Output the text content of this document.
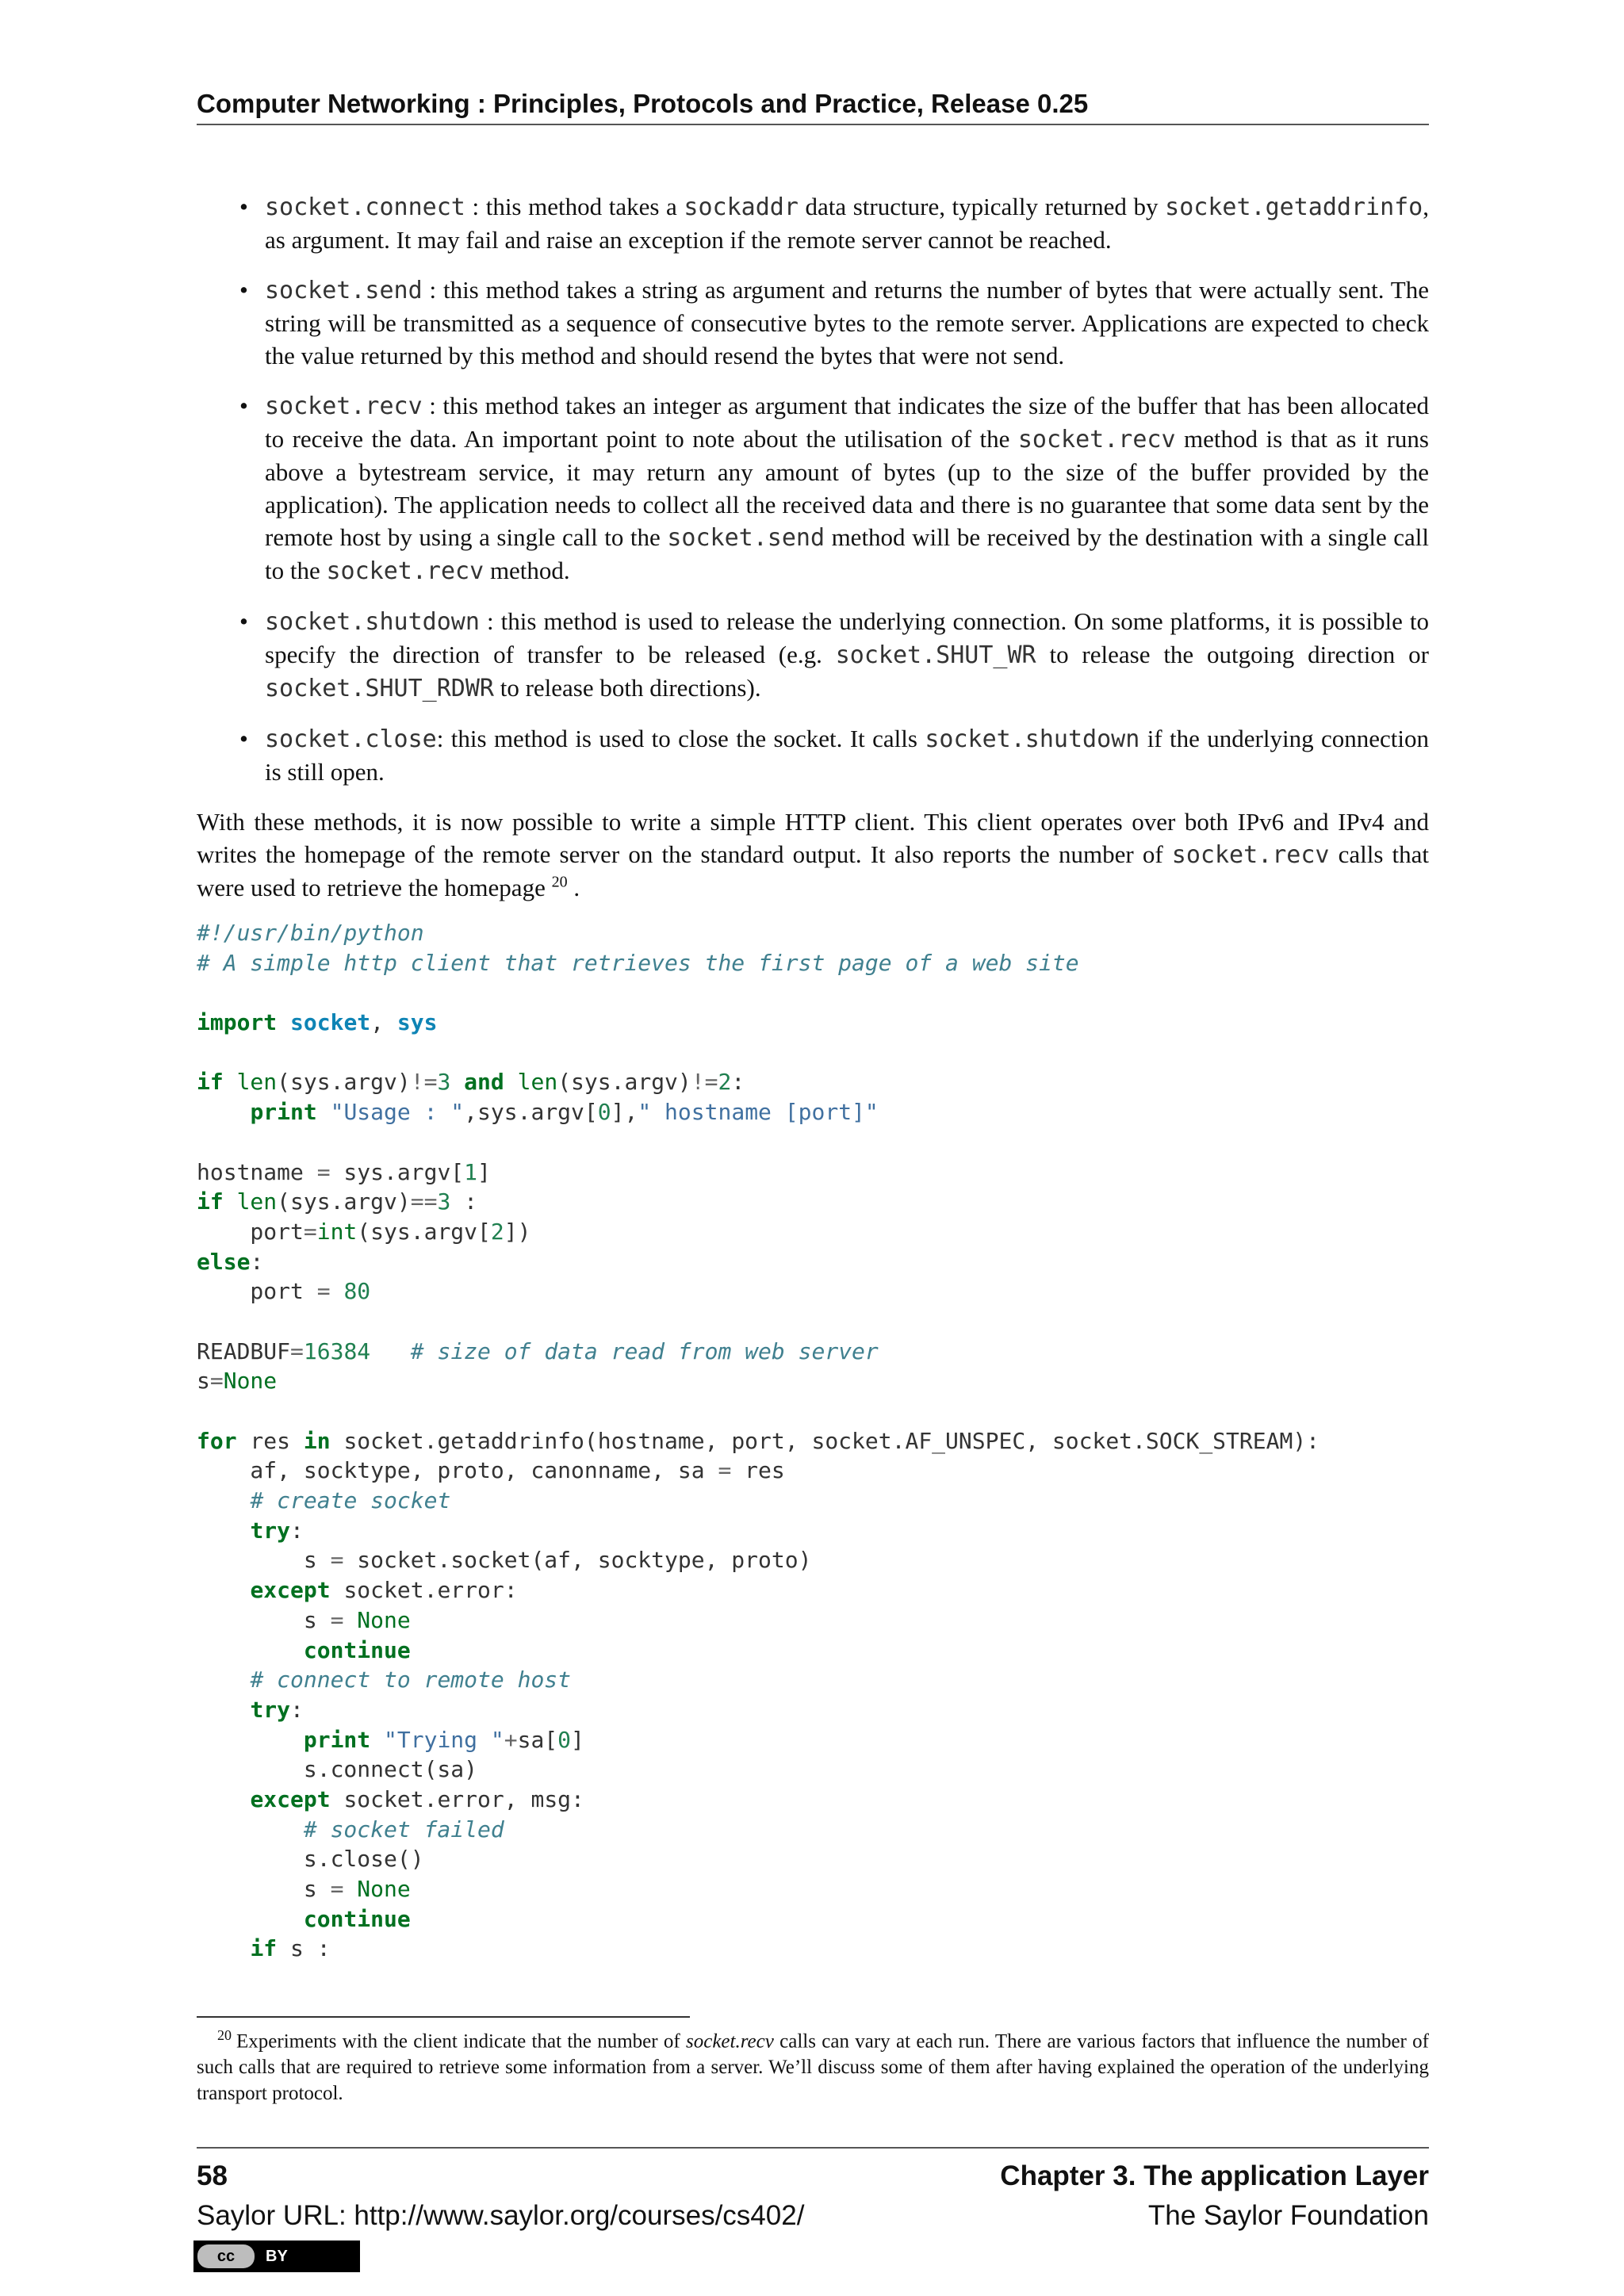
Computer Networking : Principles, Protocols and Practice, Release 0.25
• socket.connect : this method takes a sockaddr data structure, typically returned by socket.getaddrinfo, as argument. It may fail and raise an exception if the remote server cannot be reached.
• socket.send : this method takes a string as argument and returns the number of bytes that were actually sent. The string will be transmitted as a sequence of consecutive bytes to the remote server. Applications are expected to check the value returned by this method and should resend the bytes that were not send.
• socket.recv : this method takes an integer as argument that indicates the size of the buffer that has been allocated to receive the data. An important point to note about the utilisation of the socket.recv method is that as it runs above a bytestream service, it may return any amount of bytes (up to the size of the buffer provided by the application). The application needs to collect all the received data and there is no guarantee that some data sent by the remote host by using a single call to the socket.send method will be received by the destination with a single call to the socket.recv method.
• socket.shutdown : this method is used to release the underlying connection. On some platforms, it is possible to specify the direction of transfer to be released (e.g. socket.SHUT_WR to release the outgoing direction or socket.SHUT_RDWR to release both directions).
• socket.close: this method is used to close the socket. It calls socket.shutdown if the underlying connection is still open.

With these methods, it is now possible to write a simple HTTP client. This client operates over both IPv6 and IPv4 and writes the homepage of the remote server on the standard output. It also reports the number of socket.recv calls that were used to retrieve the homepage $^{20}$ .

#!/usr/bin/python
# A simple http client that retrieves the first page of a web site

import socket, sys

if len(sys.argv)!=3 and len(sys.argv)!=2:
print "Usage : ",sys.argv[0]," hostname [port]"

hostname = sys.argv[1]
if len(sys.argv)==3 :
port=int(sys.argv[2])
else:
port = 80

READBUF=16384 # size of data read from web server
s=None

for res in socket.getaddrinfo(hostname, port, socket.AF_UNSPEC, socket.SOCK_STREAM):
af, socktype, proto, canonname, sa = res
# create socket
try:
s = socket.socket(af, socktype, proto)
except socket.error:
s = None
continue
# connect to remote host
try:
print "Trying "+sa[0]
s.connect(sa)
except socket.error, msg:
# socket failed
s.close()
s = None
continue
if s :
$^{20}$ Experiments with the client indicate that the number of socket.recv calls can vary at each run. There are various factors that influence the number of such calls that are required to retrieve some information from a server. We’ll discuss some of them after having explained the operation of the underlying transport protocol.
58	Chapter 3. The application Layer
Saylor URL: http://www.saylor.org/courses/cs402/	The Saylor Foundation
cc	BY
